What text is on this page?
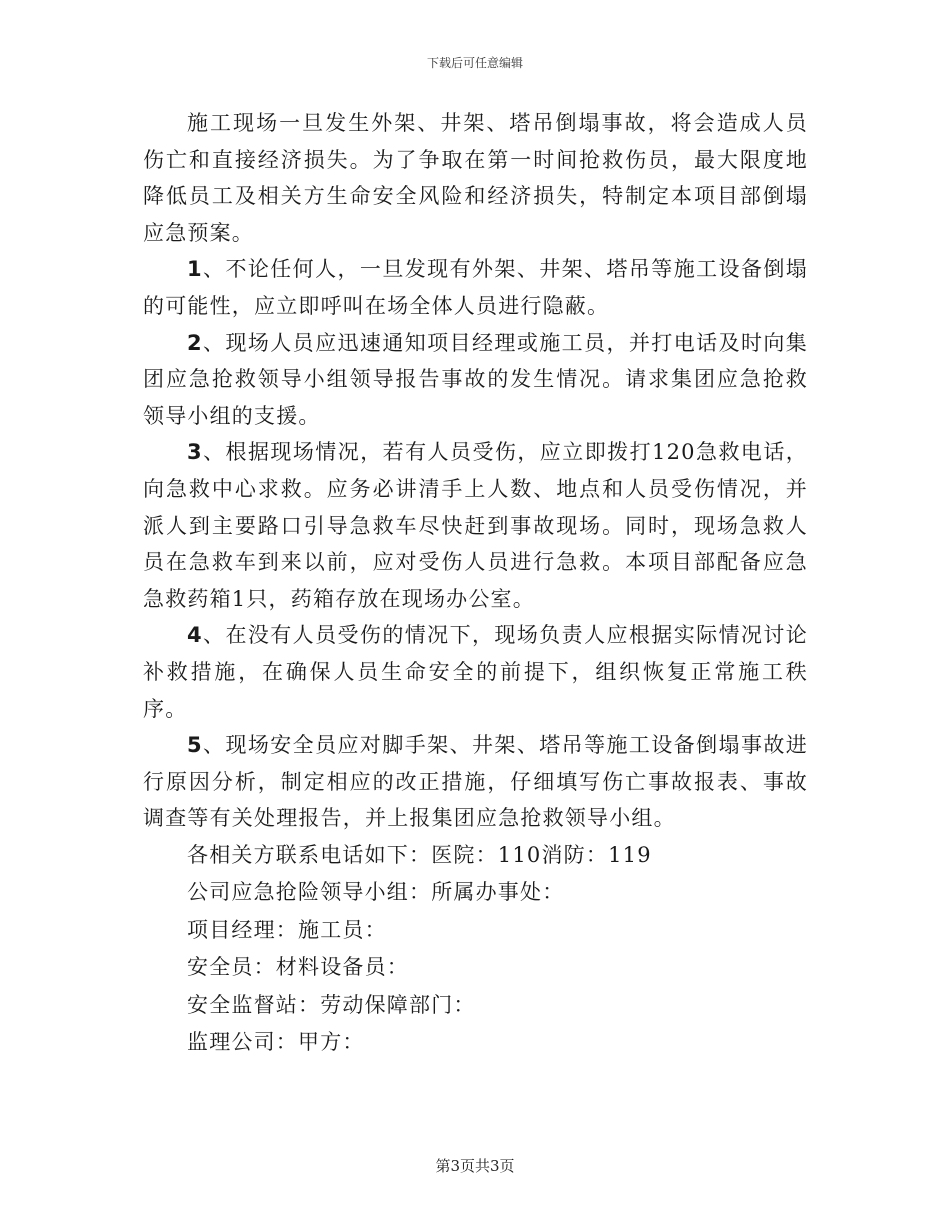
下载后可任意编辑

施工现场一旦发生外架、井架、塔吊倒塌事故，将会造成人员伤亡和直接经济损失。为了争取在第一时间抢救伤员，最大限度地降低员工及相关方生命安全风险和经济损失，特制定本项目部倒塌应急预案。

1、不论任何人，一旦发现有外架、井架、塔吊等施工设备倒塌的可能性，应立即呼叫在场全体人员进行隐蔽。

2、现场人员应迅速通知项目经理或施工员，并打电话及时向集团应急抢救领导小组领导报告事故的发生情况。请求集团应急抢救领导小组的支援。

3、根据现场情况，若有人员受伤，应立即拨打120急救电话，向急救中心求救。应务必讲清手上人数、地点和人员受伤情况，并派人到主要路口引导急救车尽快赶到事故现场。同时，现场急救人员在急救车到来以前，应对受伤人员进行急救。本项目部配备应急急救药箱1只，药箱存放在现场办公室。

4、在没有人员受伤的情况下，现场负责人应根据实际情况讨论补救措施，在确保人员生命安全的前提下，组织恢复正常施工秩序。

5、现场安全员应对脚手架、井架、塔吊等施工设备倒塌事故进行原因分析，制定相应的改正措施，仔细填写伤亡事故报表、事故调查等有关处理报告，并上报集团应急抢救领导小组。

各相关方联系电话如下：医院：110消防：119

公司应急抢险领导小组：所属办事处：

项目经理：施工员：

安全员：材料设备员：

安全监督站：劳动保障部门：

监理公司：甲方：

第3页共3页
